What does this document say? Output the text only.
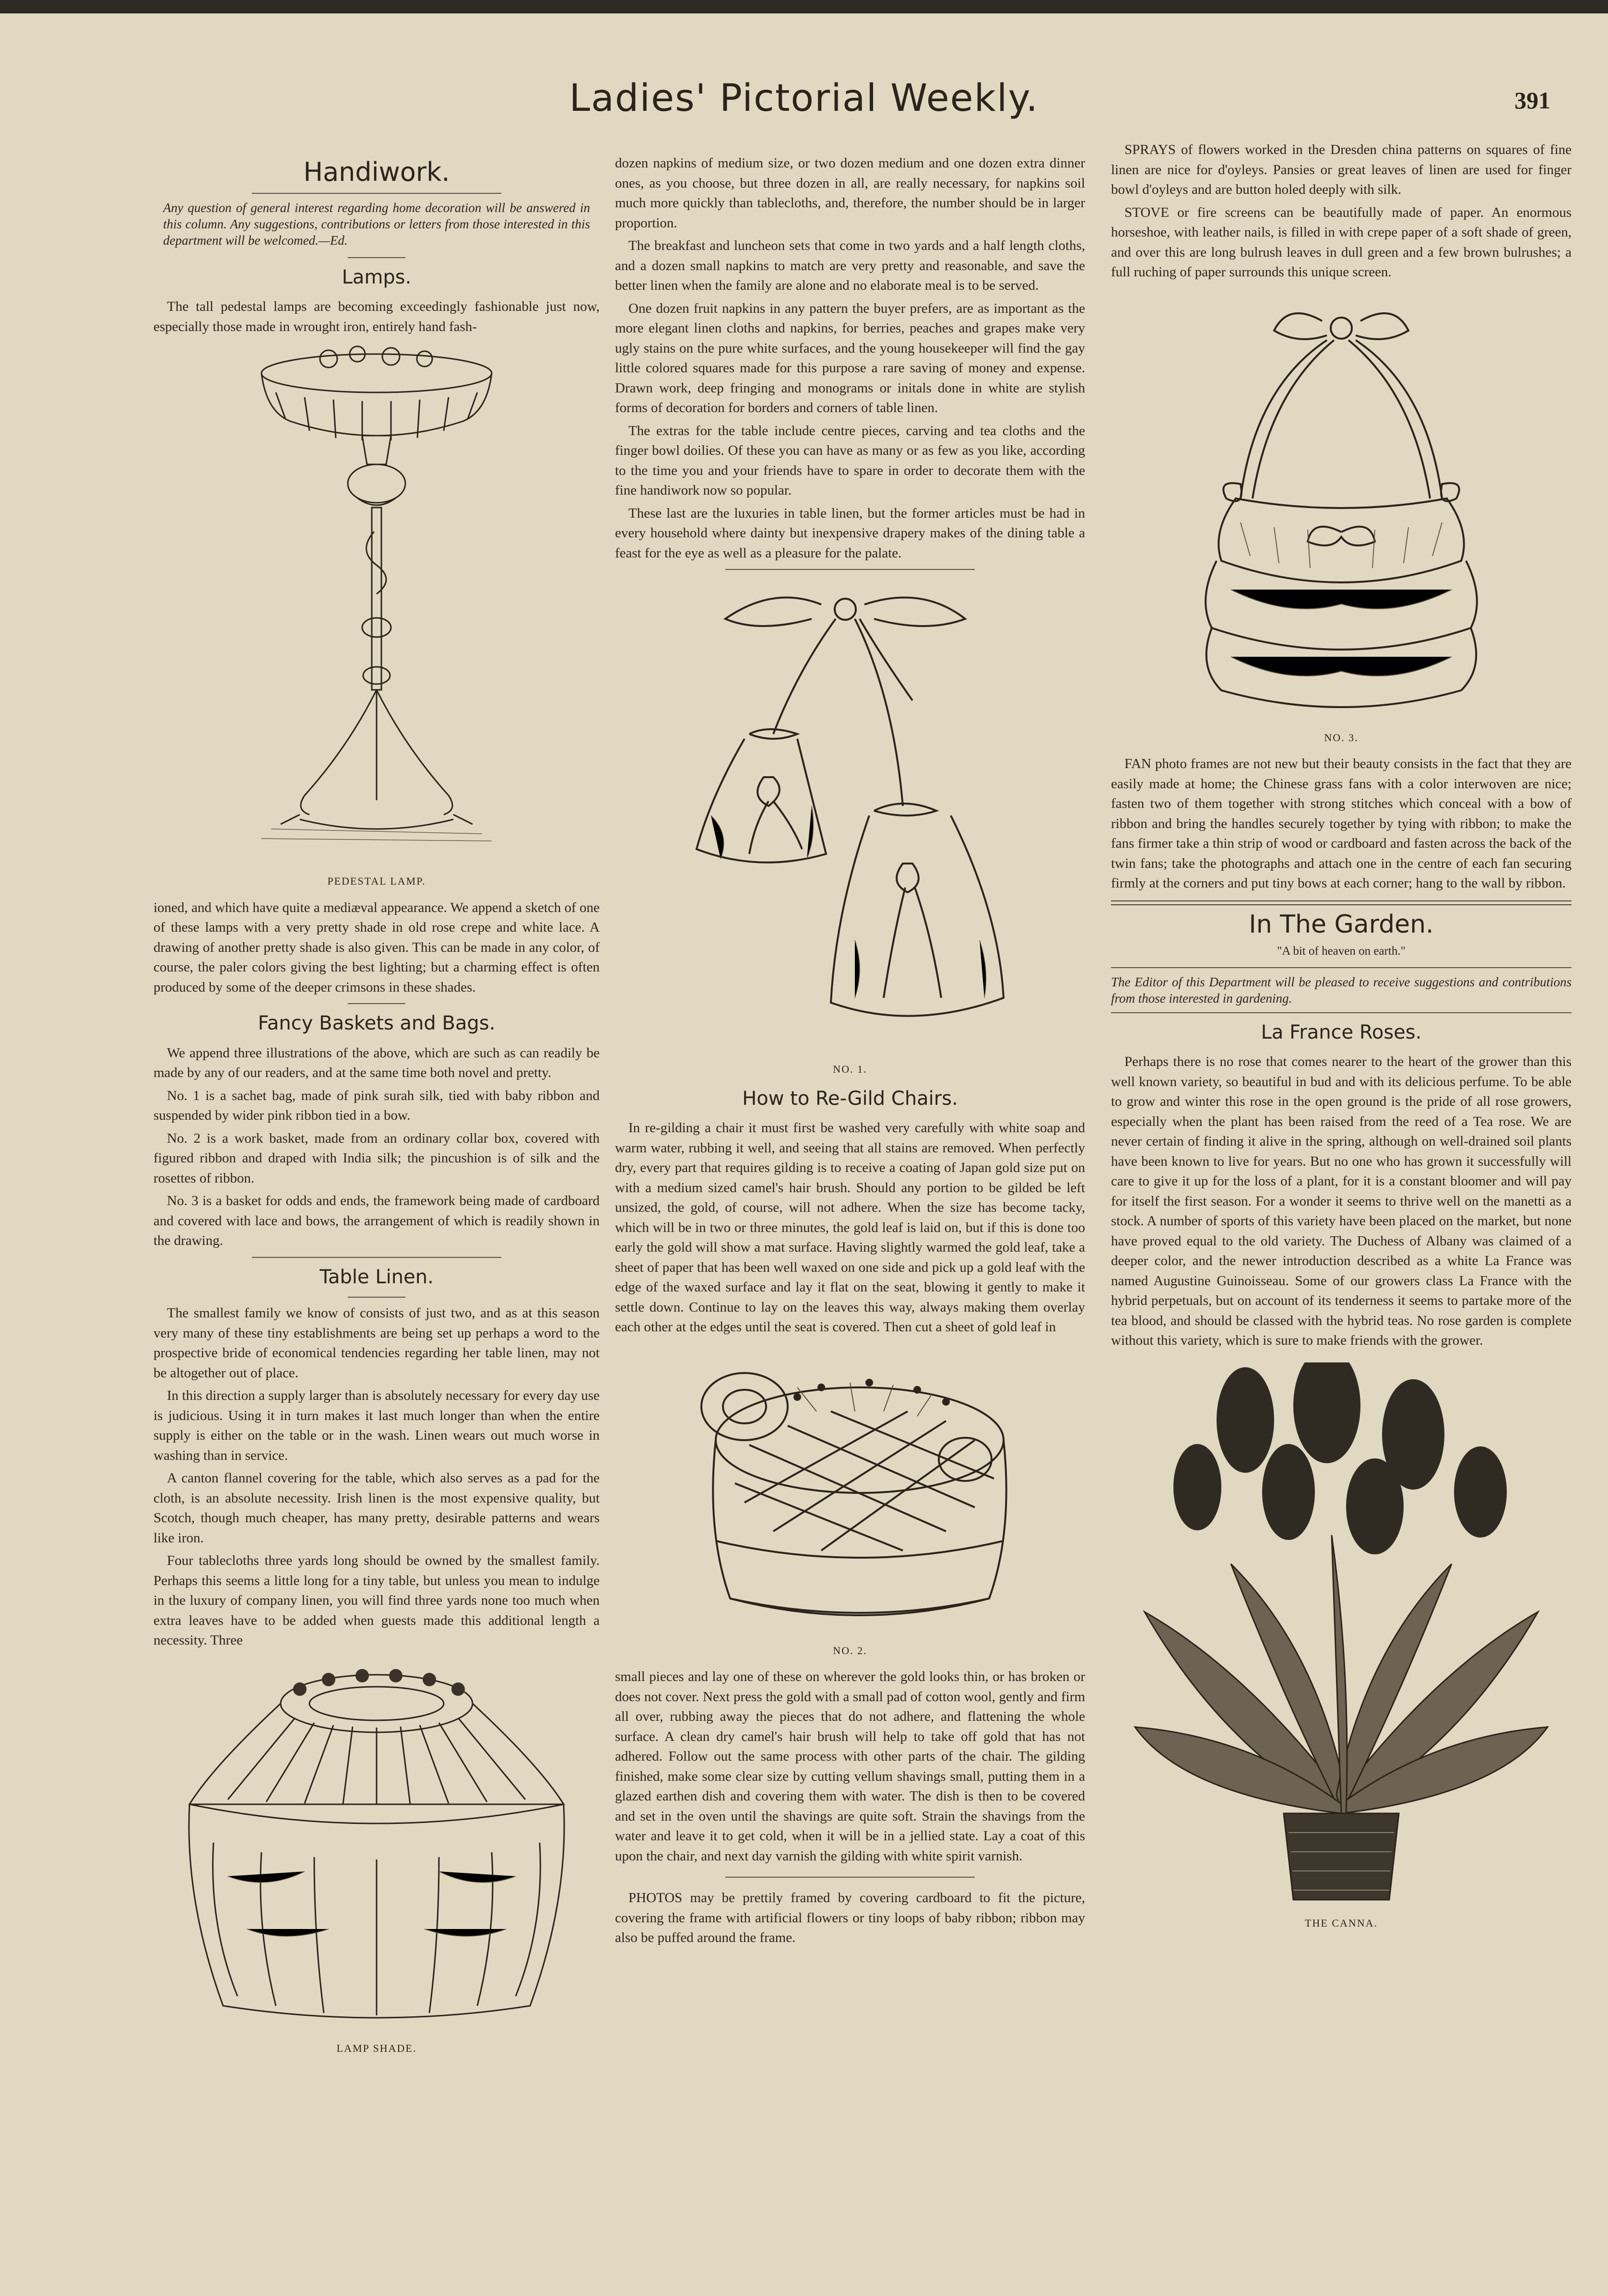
Ladies' Pictorial Weekly.	391
Handiwork.
Any question of general interest regarding home decoration will be answered in this column. Any suggestions, contributions or letters from those interested in this department will be welcomed.—Ed.
Lamps.

The tall pedestal lamps are becoming exceedingly fashionable just now, especially those made in wrought iron, entirely hand fash-

PEDESTAL LAMP.

ioned, and which have quite a mediæval appearance. We append a sketch of one of these lamps with a very pretty shade in old rose crepe and white lace. A drawing of another pretty shade is also given. This can be made in any color, of course, the paler colors giving the best lighting; but a charming effect is often produced by some of the deeper crimsons in these shades.

Fancy Baskets and Bags.

We append three illustrations of the above, which are such as can readily be made by any of our readers, and at the same time both novel and pretty.

No. 1 is a sachet bag, made of pink surah silk, tied with baby ribbon and suspended by wider pink ribbon tied in a bow.

No. 2 is a work basket, made from an ordinary collar box, covered with figured ribbon and draped with India silk; the pincushion is of silk and the rosettes of ribbon.

No. 3 is a basket for odds and ends, the framework being made of cardboard and covered with lace and bows, the arrangement of which is readily shown in the drawing.

Table Linen.

The smallest family we know of consists of just two, and as at this season very many of these tiny establishments are being set up perhaps a word to the prospective bride of economical tendencies regarding her table linen, may not be altogether out of place.

In this direction a supply larger than is absolutely necessary for every day use is judicious. Using it in turn makes it last much longer than when the entire supply is either on the table or in the wash. Linen wears out much worse in washing than in service.

A canton flannel covering for the table, which also serves as a pad for the cloth, is an absolute necessity. Irish linen is the most expensive quality, but Scotch, though much cheaper, has many pretty, desirable patterns and wears like iron.

Four tablecloths three yards long should be owned by the smallest family. Perhaps this seems a little long for a tiny table, but unless you mean to indulge in the luxury of company linen, you will find three yards none too much when extra leaves have to be added when guests made this additional length a necessity. Three

LAMP SHADE.

dozen napkins of medium size, or two dozen medium and one dozen extra dinner ones, as you choose, but three dozen in all, are really necessary, for napkins soil much more quickly than tablecloths, and, therefore, the number should be in larger proportion.

The breakfast and luncheon sets that come in two yards and a half length cloths, and a dozen small napkins to match are very pretty and reasonable, and save the better linen when the family are alone and no elaborate meal is to be served.

One dozen fruit napkins in any pattern the buyer prefers, are as important as the more elegant linen cloths and napkins, for berries, peaches and grapes make very ugly stains on the pure white surfaces, and the young housekeeper will find the gay little colored squares made for this purpose a rare saving of money and expense. Drawn work, deep fringing and monograms or initals done in white are stylish forms of decoration for borders and corners of table linen.

The extras for the table include centre pieces, carving and tea cloths and the finger bowl doilies. Of these you can have as many or as few as you like, according to the time you and your friends have to spare in order to decorate them with the fine handiwork now so popular.

These last are the luxuries in table linen, but the former articles must be had in every household where dainty but inexpensive drapery makes of the dining table a feast for the eye as well as a pleasure for the palate.

NO. 1.
How to Re-Gild Chairs.

In re-gilding a chair it must first be washed very carefully with white soap and warm water, rubbing it well, and seeing that all stains are removed. When perfectly dry, every part that requires gilding is to receive a coating of Japan gold size put on with a medium sized camel's hair brush. Should any portion to be gilded be left unsized, the gold, of course, will not adhere. When the size has become tacky, which will be in two or three minutes, the gold leaf is laid on, but if this is done too early the gold will show a mat surface. Having slightly warmed the gold leaf, take a sheet of paper that has been well waxed on one side and pick up a gold leaf with the edge of the waxed surface and lay it flat on the seat, blowing it gently to make it settle down. Continue to lay on the leaves this way, always making them overlay each other at the edges until the seat is covered. Then cut a sheet of gold leaf in

NO. 2.

small pieces and lay one of these on wherever the gold looks thin, or has broken or does not cover. Next press the gold with a small pad of cotton wool, gently and firm all over, rubbing away the pieces that do not adhere, and flattening the whole surface. A clean dry camel's hair brush will help to take off gold that has not adhered. Follow out the same process with other parts of the chair. The gilding finished, make some clear size by cutting vellum shavings small, putting them in a glazed earthen dish and covering them with water. The dish is then to be covered and set in the oven until the shavings are quite soft. Strain the shavings from the water and leave it to get cold, when it will be in a jellied state. Lay a coat of this upon the chair, and next day varnish the gilding with white spirit varnish.

PHOTOS may be prettily framed by covering cardboard to fit the picture, covering the frame with artificial flowers or tiny loops of baby ribbon; ribbon may also be puffed around the frame.

SPRAYS of flowers worked in the Dresden china patterns on squares of fine linen are nice for d'oyleys. Pansies or great leaves of linen are used for finger bowl d'oyleys and are button holed deeply with silk.

STOVE or fire screens can be beautifully made of paper. An enormous horseshoe, with leather nails, is filled in with crepe paper of a soft shade of green, and over this are long bulrush leaves in dull green and a few brown bulrushes; a full ruching of paper surrounds this unique screen.

NO. 3.

FAN photo frames are not new but their beauty consists in the fact that they are easily made at home; the Chinese grass fans with a color interwoven are nice; fasten two of them together with strong stitches which conceal with a bow of ribbon and bring the handles securely together by tying with ribbon; to make the fans firmer take a thin strip of wood or cardboard and fasten across the back of the twin fans; take the photographs and attach one in the centre of each fan securing firmly at the corners and put tiny bows at each corner; hang to the wall by ribbon.

In The Garden.
"A bit of heaven on earth."
The Editor of this Department will be pleased to receive suggestions and contributions from those interested in gardening.
La France Roses.

Perhaps there is no rose that comes nearer to the heart of the grower than this well known variety, so beautiful in bud and with its delicious perfume. To be able to grow and winter this rose in the open ground is the pride of all rose growers, especially when the plant has been raised from the reed of a Tea rose. We are never certain of finding it alive in the spring, although on well-drained soil plants have been known to live for years. But no one who has grown it successfully will care to give it up for the loss of a plant, for it is a constant bloomer and will pay for itself the first season. For a wonder it seems to thrive well on the manetti as a stock. A number of sports of this variety have been placed on the market, but none have proved equal to the old variety. The Duchess of Albany was claimed of a deeper color, and the newer introduction described as a white La France was named Augustine Guinoisseau. Some of our growers class La France with the hybrid perpetuals, but on account of its tenderness it seems to partake more of the tea blood, and should be classed with the hybrid teas. No rose garden is complete without this variety, which is sure to make friends with the grower.

THE CANNA.
